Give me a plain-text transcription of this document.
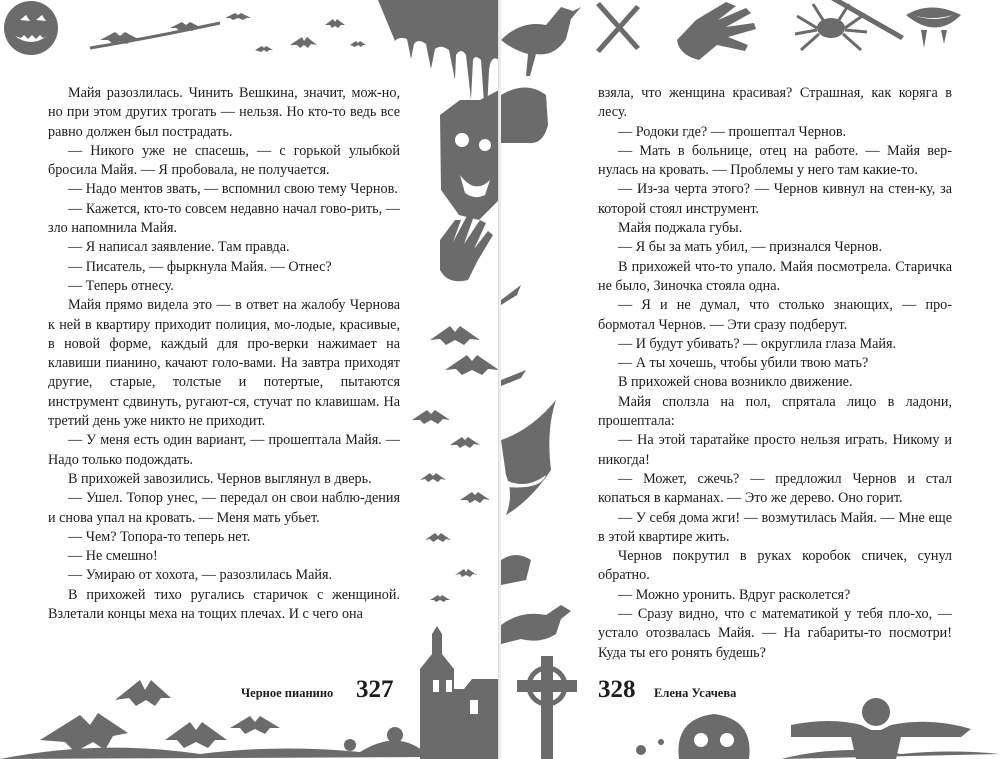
Майя разозлилась. Чинить Вешкина, значит, мож-но, но при этом других трогать — нельзя. Но кто-то ведь все равно должен был пострадать.

— Никого уже не спасешь, — с горькой улыбкой бросила Майя. — Я пробовала, не получается.

— Надо ментов звать, — вспомнил свою тему Чернов.

— Кажется, кто-то совсем недавно начал гово-рить, — зло напомнила Майя.

— Я написал заявление. Там правда.

— Писатель, — фыркнула Майя. — Отнес?

— Теперь отнесу.

Майя прямо видела это — в ответ на жалобу Чернова к ней в квартиру приходит полиция, мо-лодые, красивые, в новой форме, каждый для про-верки нажимает на клавиши пианино, качают голо-вами. На завтра приходят другие, старые, толстые и потертые, пытаются инструмент сдвинуть, ругают-ся, стучат по клавишам. На третий день уже никто не приходит.

— У меня есть один вариант, — прошептала Майя. — Надо только подождать.

В прихожей завозились. Чернов выглянул в дверь.

— Ушел. Топор унес, — передал он свои наблю-дения и снова упал на кровать. — Меня мать убьет.

— Чем? Топора-то теперь нет.

— Не смешно!

— Умираю от хохота, — разозлилась Майя.

В прихожей тихо ругались старичок с женщиной. Взлетали концы меха на тощих плечах. И с чего она

Черное пианино 327

взяла, что женщина красивая? Страшная, как коряга в лесу.

— Родоки где? — прошептал Чернов.

— Мать в больнице, отец на работе. — Майя вер-нулась на кровать. — Проблемы у него там какие-то.

— Из-за черта этого? — Чернов кивнул на стен-ку, за которой стоял инструмент.

Майя поджала губы.

— Я бы за мать убил, — признался Чернов.

В прихожей что-то упало. Майя посмотрела. Старичка не было, Зиночка стояла одна.

— Я и не думал, что столько знающих, — про-бормотал Чернов. — Эти сразу подберут.

— И будут убивать? — округлила глаза Майя.

— А ты хочешь, чтобы убили твою мать?

В прихожей снова возникло движение.

Майя сползла на пол, спрятала лицо в ладони, прошептала:

— На этой таратайке просто нельзя играть. Никому и никогда!

— Может, сжечь? — предложил Чернов и стал копаться в карманах. — Это же дерево. Оно горит.

— У себя дома жги! — возмутилась Майя. — Мне еще в этой квартире жить.

Чернов покрутил в руках коробок спичек, сунул обратно.

— Можно уронить. Вдруг расколется?

— Сразу видно, что с математикой у тебя пло-хо, — устало отозвалась Майя. — На габариты-то посмотри! Куда ты его ронять будешь?

328 Елена Усачева
